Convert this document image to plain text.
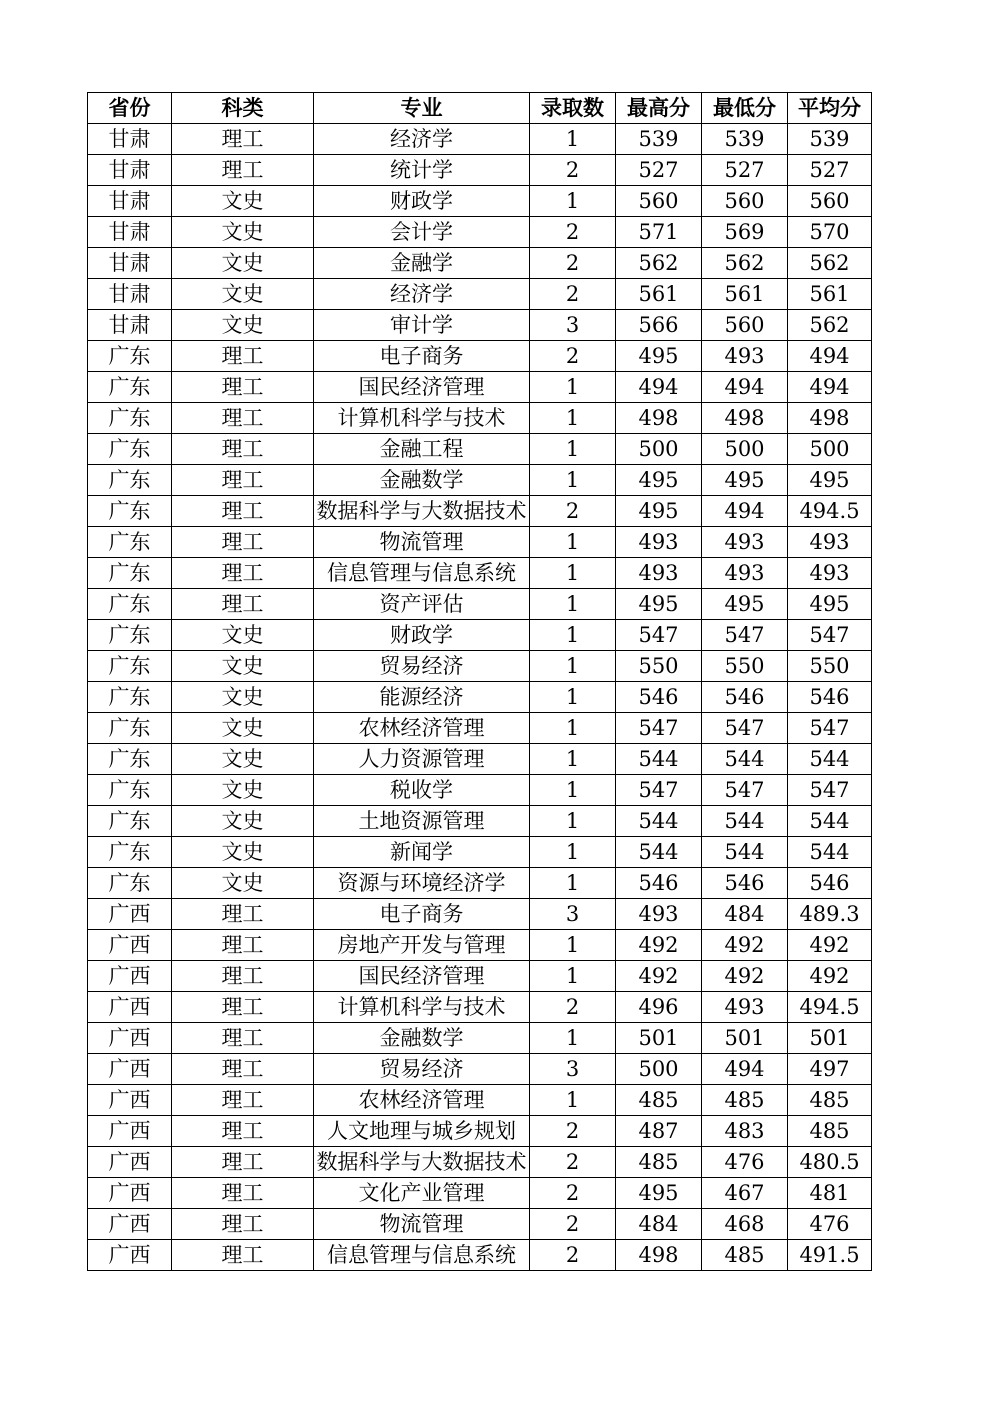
省份	科类	专业	录取数	最高分	最低分	平均分
甘肃	理工	经济学	1	539	539	539
甘肃	理工	统计学	2	527	527	527
甘肃	文史	财政学	1	560	560	560
甘肃	文史	会计学	2	571	569	570
甘肃	文史	金融学	2	562	562	562
甘肃	文史	经济学	2	561	561	561
甘肃	文史	审计学	3	566	560	562
广东	理工	电子商务	2	495	493	494
广东	理工	国民经济管理	1	494	494	494
广东	理工	计算机科学与技术	1	498	498	498
广东	理工	金融工程	1	500	500	500
广东	理工	金融数学	1	495	495	495
广东	理工	数据科学与大数据技术	2	495	494	494.5
广东	理工	物流管理	1	493	493	493
广东	理工	信息管理与信息系统	1	493	493	493
广东	理工	资产评估	1	495	495	495
广东	文史	财政学	1	547	547	547
广东	文史	贸易经济	1	550	550	550
广东	文史	能源经济	1	546	546	546
广东	文史	农林经济管理	1	547	547	547
广东	文史	人力资源管理	1	544	544	544
广东	文史	税收学	1	547	547	547
广东	文史	土地资源管理	1	544	544	544
广东	文史	新闻学	1	544	544	544
广东	文史	资源与环境经济学	1	546	546	546
广西	理工	电子商务	3	493	484	489.3
广西	理工	房地产开发与管理	1	492	492	492
广西	理工	国民经济管理	1	492	492	492
广西	理工	计算机科学与技术	2	496	493	494.5
广西	理工	金融数学	1	501	501	501
广西	理工	贸易经济	3	500	494	497
广西	理工	农林经济管理	1	485	485	485
广西	理工	人文地理与城乡规划	2	487	483	485
广西	理工	数据科学与大数据技术	2	485	476	480.5
广西	理工	文化产业管理	2	495	467	481
广西	理工	物流管理	2	484	468	476
广西	理工	信息管理与信息系统	2	498	485	491.5
